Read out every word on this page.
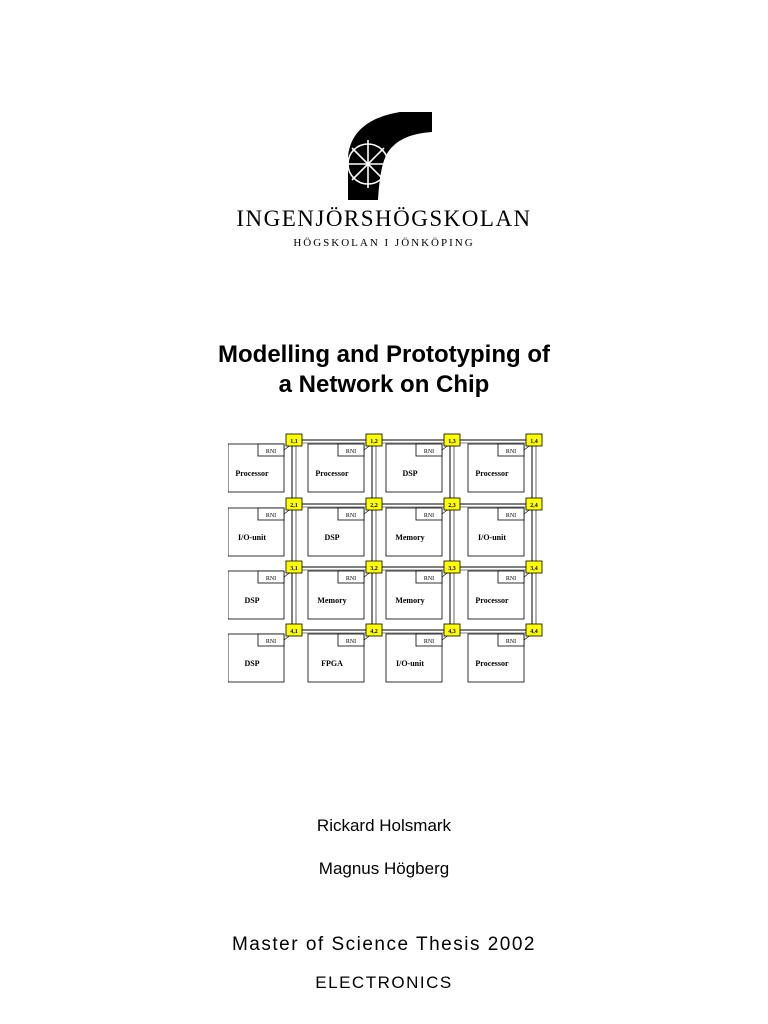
INGENJÖRSHÖGSKOLAN
HÖGSKOLAN I JÖNKÖPING
Modelling and Prototyping of
a Network on Chip
RNI
Processor
RNI
Processor
RNI
DSP
RNI
Processor
RNI
I/O-unit
RNI
DSP
RNI
Memory
RNI
I/O-unit
RNI
DSP
RNI
Memory
RNI
Memory
RNI
Processor
RNI
DSP
RNI
FPGA
RNI
I/O-unit
RNI
Processor
1,1	1,2	1,3	1,4
2,1	2,2	2,3	2,4
3,1	3,2	3,3	3,4
4,1	4,2	4,3	4,4
Rickard Holsmark
Magnus Högberg
Master of Science Thesis 2002
ELECTRONICS
